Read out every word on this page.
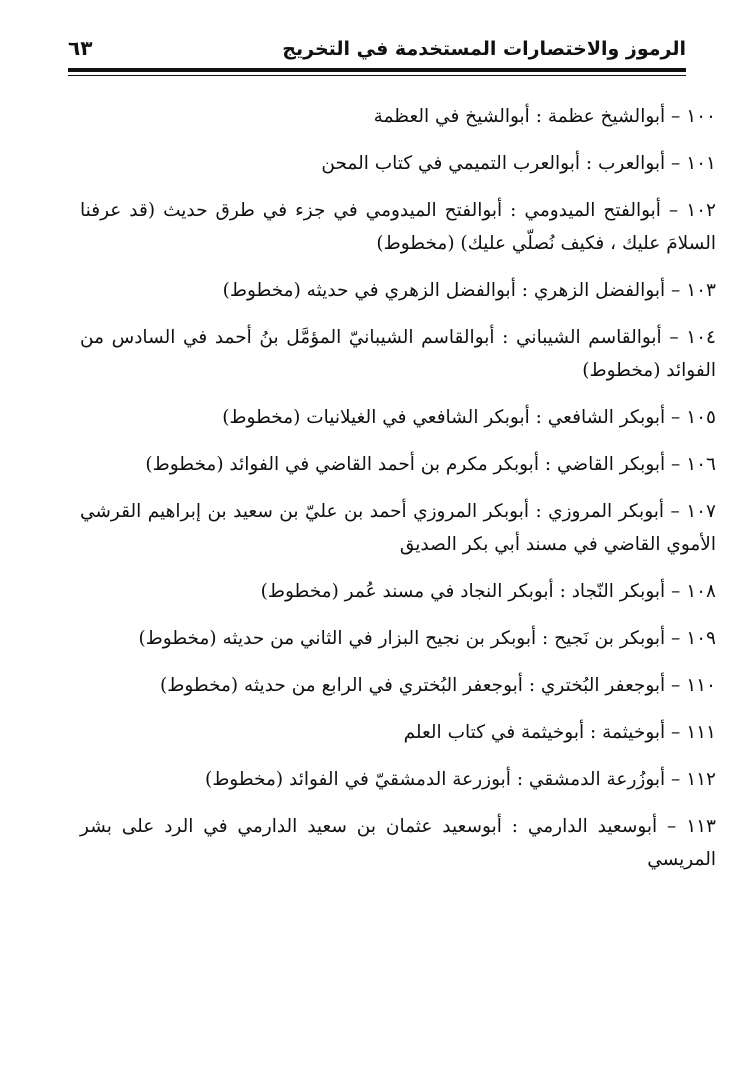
الرموز والاختصارات المستخدمة في التخريج
٦٣
١٠٠ – أبوالشيخ عظمة : أبوالشيخ في العظمة
١٠١ – أبوالعرب : أبوالعرب التميمي في كتاب المحن
١٠٢ – أبوالفتح الميدومي : أبوالفتح الميدومي في جزء في طرق حديث (قد عرفنا السلامَ عليك ، فكيف نُصلّي عليك) (مخطوط)
١٠٣ – أبوالفضل الزهري : أبوالفضل الزهري في حديثه (مخطوط)
١٠٤ – أبوالقاسم الشيباني : أبوالقاسم الشيبانيّ المؤمَّل بنُ أحمد في السادس من الفوائد (مخطوط)
١٠٥ – أبوبكر الشافعي : أبوبكر الشافعي في الغيلانيات (مخطوط)
١٠٦ – أبوبكر القاضي : أبوبكر مكرم بن أحمد القاضي في الفوائد (مخطوط)
١٠٧ – أبوبكر المروزي : أبوبكر المروزي أحمد بن عليّ بن سعيد بن إبراهيم القرشي الأموي القاضي في مسند أبي بكر الصديق
١٠٨ – أبوبكر النّجاد : أبوبكر النجاد في مسند عُمر (مخطوط)
١٠٩ – أبوبكر بن نَجيح : أبوبكر بن نجيح البزار في الثاني من حديثه (مخطوط)
١١٠ – أبوجعفر البُختري : أبوجعفر البُختري في الرابع من حديثه (مخطوط)
١١١ – أبوخيثمة : أبوخيثمة في كتاب العلم
١١٢ – أبوزُرعة الدمشقي : أبوزرعة الدمشقيّ في الفوائد (مخطوط)
١١٣ – أبوسعيد الدارمي : أبوسعيد عثمان بن سعيد الدارمي في الرد على بشر المريسي
